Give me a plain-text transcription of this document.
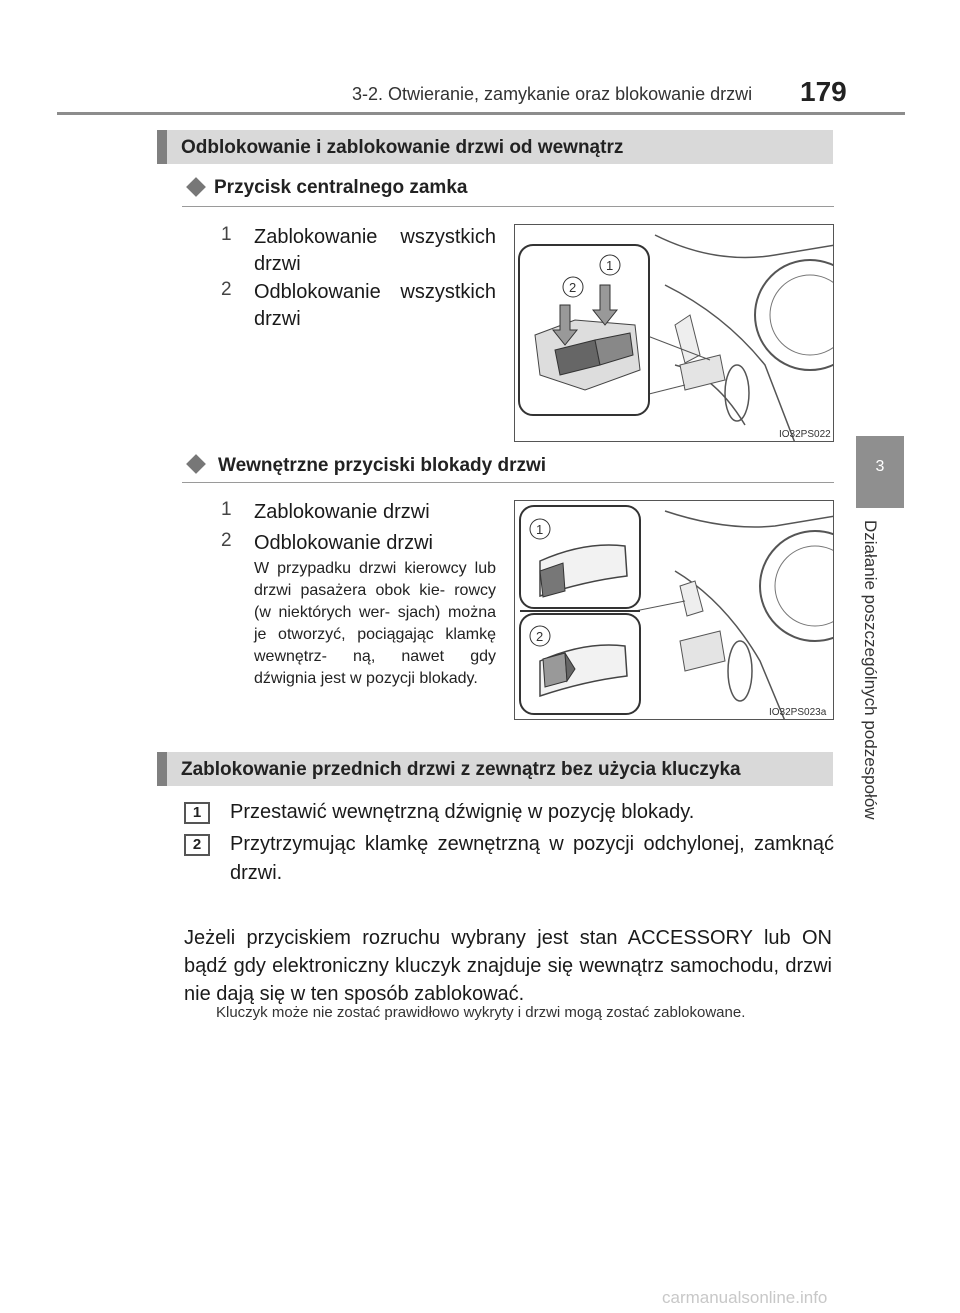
3-2. Otwieranie, zamykanie oraz blokowanie drzwi 179
3
Działanie poszczególnych podzespołów
Odblokowanie i zablokowanie drzwi od wewnątrz
Przycisk centralnego zamka
1 Zablokowanie wszystkich drzwi
2 Odblokowanie wszystkich drzwi
2
1
IO32PS022
Wewnętrzne przyciski blokady drzwi
1 Zablokowanie drzwi
2 Odblokowanie drzwi
W przypadku drzwi kierowcy lub drzwi pasażera obok kie- rowcy (w niektórych wer- sjach) można je otworzyć, pociągając klamkę wewnętrz- ną, nawet gdy dźwignia jest w pozycji blokady.
1
2
IO32PS023a
Zablokowanie przednich drzwi z zewnątrz bez użycia kluczyka
1	Przestawić wewnętrzną dźwignię w pozycję blokady.
2	Przytrzymując klamkę zewnętrzną w pozycji odchylonej, zamknąć drzwi.
Jeżeli przyciskiem rozruchu wybrany jest stan ACCESSORY lub ON bądź gdy elektroniczny kluczyk znajduje się wewnątrz samochodu, drzwi nie dają się w ten sposób zablokować.
Kluczyk może nie zostać prawidłowo wykryty i drzwi mogą zostać zablokowane.
carmanualsonline.info
